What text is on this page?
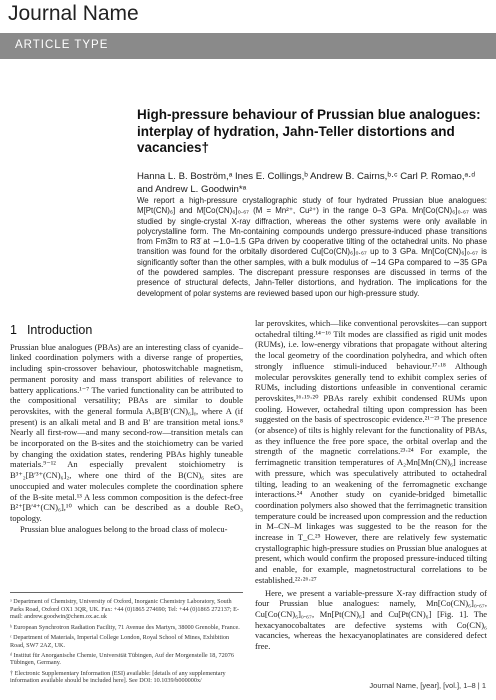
Journal Name
ARTICLE TYPE
High-pressure behaviour of Prussian blue analogues: interplay of hydration, Jahn-Teller distortions and vacancies†
Hanna L. B. Boström,ᵃ Ines E. Collings,ᵇ Andrew B. Cairns,ᵇ·ᶜ Carl P. Romao,ᵃ·ᵈ and Andrew L. Goodwin*ᵃ
We report a high-pressure crystallographic study of four hydrated Prussian blue analogues: M[Pt(CN)₆] and M[Co(CN)₆]₀.₆₇ (M = Mn²⁺, Cu²⁺) in the range 0–3 GPa. Mn[Co(CN)₆]₀.₆₇ was studied by single-crystal X-ray diffraction, whereas the other systems were only available in polycrystalline form. The Mn-containing compounds undergo pressure-induced phase transitions from Fm3̄m to R3̄ at ∼1.0–1.5 GPa driven by cooperative tilting of the octahedral units. No phase transition was found for the orbitally disordered Cu[Co(CN)₆]₀.₆₇ up to 3 GPa. Mn[Co(CN)₆]₀.₆₇ is significantly softer than the other samples, with a bulk modulus of ∼14 GPa compared to ∼35 GPa of the powdered samples. The discrepant pressure responses are discussed in terms of the presence of structural defects, Jahn-Teller distortions, and hydration. The implications for the development of polar systems are reviewed based upon our high-pressure study.
1 Introduction

Prussian blue analogues (PBAs) are an interesting class of cyanide–linked coordination polymers with a diverse range of properties, including spin-crossover behaviour, photoswitchable magnetism, permanent porosity and mass transport abilities of relevance to battery applications.¹⁻⁷ The varied functionality can be attributed to the compositional versatility; PBAs are similar to double perovskites, with the general formula AₓB[B′(CN)₆]ᵧ, where A (if present) is an alkali metal and B and B′ are transition metal ions.⁸ Nearly all first-row—and many second-row—transition metals can be incorporated on the B-sites and the stoichiometry can be varied by changing the oxidation states, rendering PBAs highly tuneable materials.⁹⁻¹² An especially prevalent stoichiometry is B³⁺₂[B′³⁺(CN)₆]₂, where one third of the B(CN)₆ sites are unoccupied and water molecules complete the coordination sphere of the B-site metal.¹³ A less common composition is the defect-free B²⁺[B′⁴⁺(CN)₆],¹⁰ which can be described as a double ReO₃ topology.

Prussian blue analogues belong to the broad class of molecu-

lar perovskites, which—like conventional perovskites—can support octahedral tilting.¹⁴⁻¹⁶ Tilt modes are classified as rigid unit modes (RUMs), i.e. low-energy vibrations that propagate without altering the local geometry of the coordination polyhedra, and which often strongly influence stimuli-induced behaviour.¹⁷·¹⁸ Although molecular perovskites generally tend to exhibit complex series of RUMs, including distortions unfeasible in conventional ceramic perovskites,¹⁶·¹⁹·²⁰ PBAs rarely exhibit condensed RUMs upon cooling. However, octahedral tilting upon compression has been suggested on the basis of spectroscopic evidence.²¹⁻²³ The presence (or absence) of tilts is highly relevant for the functionality of PBAs, as they influence the free pore space, the orbital overlap and the strength of the magnetic correlations.²³·²⁴ For example, the ferrimagnetic transition temperatures of A₂Mn[Mn(CN)₆] increase with pressure, which was speculatively attributed to octahedral tilting, leading to an weakening of the ferromagnetic exchange interactions.²⁴ Another study on cyanide-bridged bimetallic coordination polymers also showed that the ferrimagnetic transition temperature could be increased upon compression and the reduction in M–CN–M linkages was suggested to be the reason for the increase in T_C.²⁵ However, there are relatively few systematic crystallographic high-pressure studies on Prussian blue analogues at present, which would confirm the proposed pressure-induced tilting and enable, for example, magnetostructural correlations to be established.²²·²⁶·²⁷

Here, we present a variable-pressure X-ray diffraction study of four Prussian blue analogues: namely, Mn[Co(CN)₆]₀.₆₇, Cu[Co(CN)₆]₀.₆₇, Mn[Pt(CN)₆] and Cu[Pt(CN)₆] [Fig. 1]. The hexacyanocobaltates are defective systems with Co(CN)₆ vacancies, whereas the hexacyanoplatinates are considered defect free.

ᵃ Department of Chemistry, University of Oxford, Inorganic Chemistry Laboratory, South Parks Road, Oxford OX1 3QR, UK. Fax: +44 (0)1865 274690; Tel: +44 (0)1865 272137; E-mail: andrew.goodwin@chem.ox.ac.uk

ᵇ European Synchrotron Radiation Facility, 71 Avenue des Martyrs, 38000 Grenoble, France.

ᶜ Department of Materials, Imperial College London, Royal School of Mines, Exhibition Road, SW7 2AZ, UK.

ᵈ Institut für Anorganische Chemie, Universität Tübingen, Auf der Morgenstelle 18, 72076 Tübingen, Germany.

† Electronic Supplementary Information (ESI) available: [details of any supplementary information available should be included here]. See DOI: 10.1039/b000000x/

Journal Name, [year], [vol.], 1–8 | 1
